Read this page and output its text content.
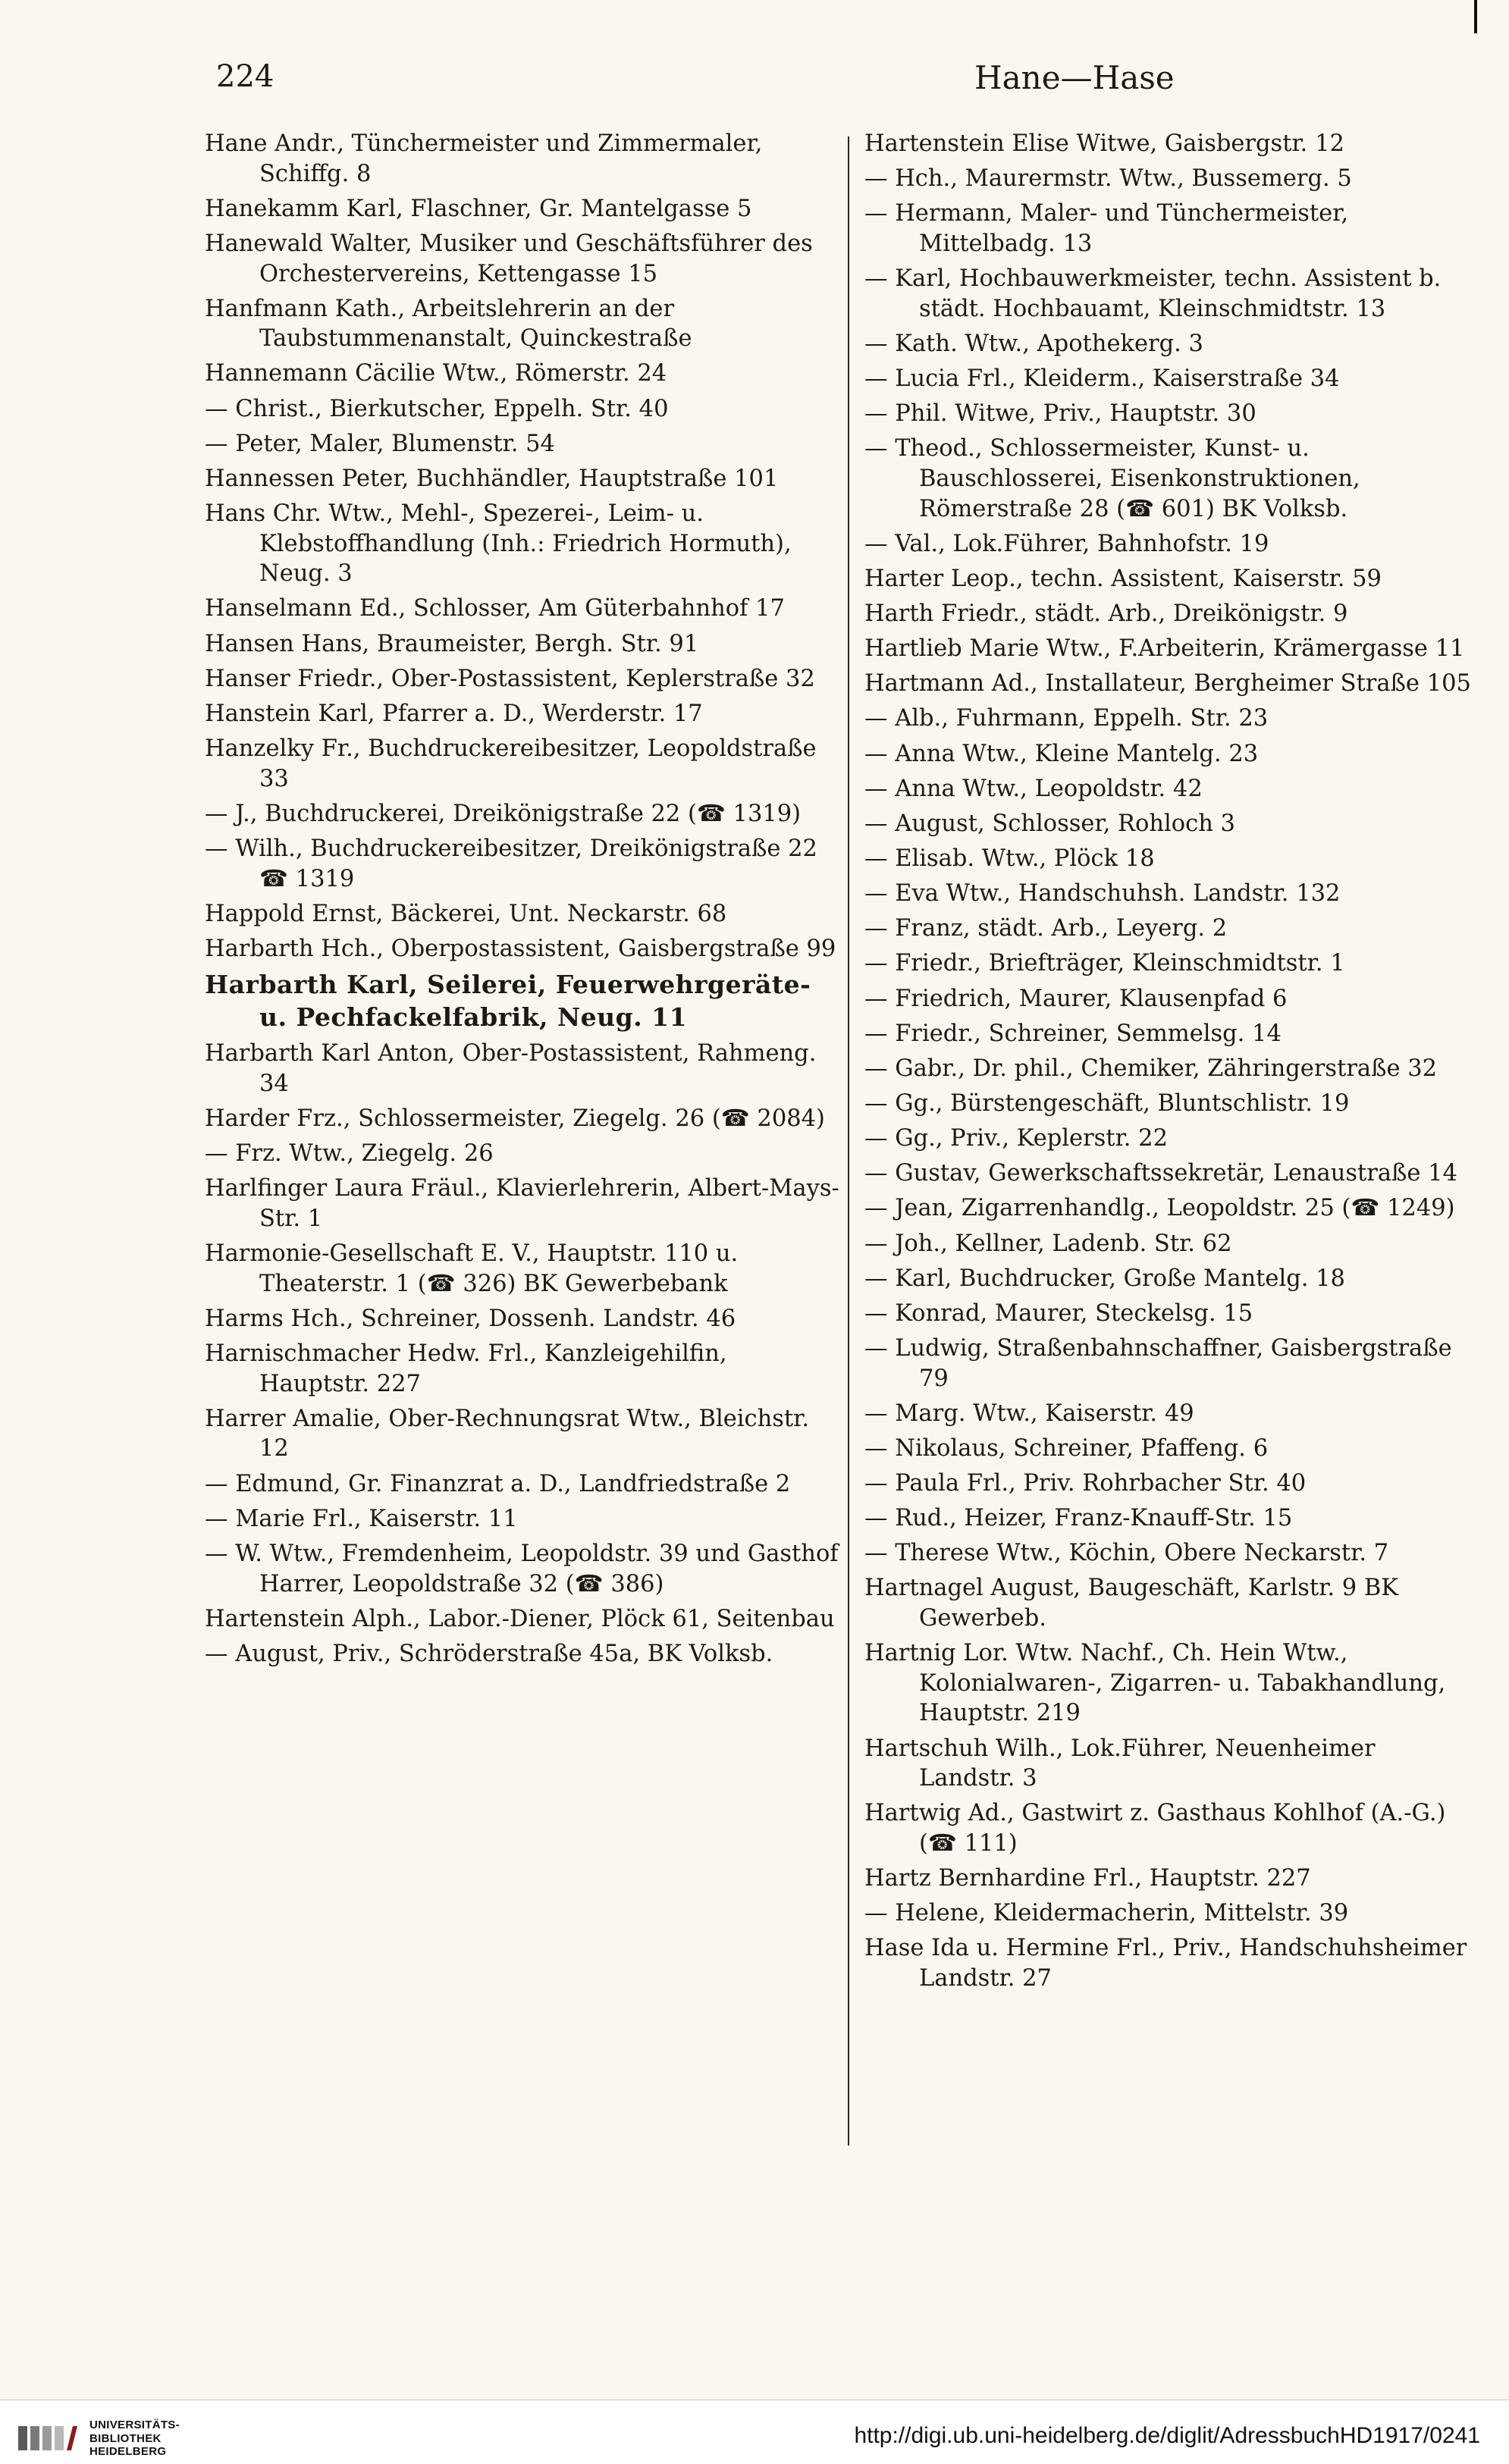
224	Hane—Hase

Hane Andr., Tünchermeister und Zimmermaler, Schiffg. 8

Hanekamm Karl, Flaschner, Gr. Mantelgasse 5

Hanewald Walter, Musiker und Geschäftsführer des Orchestervereins, Kettengasse 15

Hanfmann Kath., Arbeitslehrerin an der Taubstummenanstalt, Quinckestraße

Hannemann Cäcilie Wtw., Römerstr. 24

— Christ., Bierkutscher, Eppelh. Str. 40

— Peter, Maler, Blumenstr. 54

Hannessen Peter, Buchhändler, Hauptstraße 101

Hans Chr. Wtw., Mehl-, Spezerei-, Leim- u. Klebstoffhandlung (Inh.: Friedrich Hormuth), Neug. 3

Hanselmann Ed., Schlosser, Am Güterbahnhof 17

Hansen Hans, Braumeister, Bergh. Str. 91

Hanser Friedr., Ober-Postassistent, Keplerstraße 32

Hanstein Karl, Pfarrer a. D., Werderstr. 17

Hanzelky Fr., Buchdruckereibesitzer, Leopoldstraße 33

— J., Buchdruckerei, Dreikönigstraße 22 (☎ 1319)

— Wilh., Buchdruckereibesitzer, Dreikönigstraße 22 ☎ 1319

Happold Ernst, Bäckerei, Unt. Neckarstr. 68

Harbarth Hch., Oberpostassistent, Gaisbergstraße 99

Harbarth Karl, Seilerei, Feuerwehrgeräte- u. Pechfackelfabrik, Neug. 11

Harbarth Karl Anton, Ober-Postassistent, Rahmeng. 34

Harder Frz., Schlossermeister, Ziegelg. 26 (☎ 2084)

— Frz. Wtw., Ziegelg. 26

Harlfinger Laura Fräul., Klavierlehrerin, Albert-Mays-Str. 1

Harmonie-Gesellschaft E. V., Hauptstr. 110 u. Theaterstr. 1 (☎ 326) BK Gewerbebank

Harms Hch., Schreiner, Dossenh. Landstr. 46

Harnischmacher Hedw. Frl., Kanzleigehilfin, Hauptstr. 227

Harrer Amalie, Ober-Rechnungsrat Wtw., Bleichstr. 12

— Edmund, Gr. Finanzrat a. D., Landfriedstraße 2

— Marie Frl., Kaiserstr. 11

— W. Wtw., Fremdenheim, Leopoldstr. 39 und Gasthof Harrer, Leopoldstraße 32 (☎ 386)

Hartenstein Alph., Labor.-Diener, Plöck 61, Seitenbau

— August, Priv., Schröderstraße 45a, BK Volksb.

Hartenstein Elise Witwe, Gaisbergstr. 12

— Hch., Maurermstr. Wtw., Bussemerg. 5

— Hermann, Maler- und Tünchermeister, Mittelbadg. 13

— Karl, Hochbauwerkmeister, techn. Assistent b. städt. Hochbauamt, Kleinschmidtstr. 13

— Kath. Wtw., Apothekerg. 3

— Lucia Frl., Kleiderm., Kaiserstraße 34

— Phil. Witwe, Priv., Hauptstr. 30

— Theod., Schlossermeister, Kunst- u. Bauschlosserei, Eisenkonstruktionen, Römerstraße 28 (☎ 601) BK Volksb.

— Val., Lok.Führer, Bahnhofstr. 19

Harter Leop., techn. Assistent, Kaiserstr. 59

Harth Friedr., städt. Arb., Dreikönigstr. 9

Hartlieb Marie Wtw., F.Arbeiterin, Krämergasse 11

Hartmann Ad., Installateur, Bergheimer Straße 105

— Alb., Fuhrmann, Eppelh. Str. 23

— Anna Wtw., Kleine Mantelg. 23

— Anna Wtw., Leopoldstr. 42

— August, Schlosser, Rohloch 3

— Elisab. Wtw., Plöck 18

— Eva Wtw., Handschuhsh. Landstr. 132

— Franz, städt. Arb., Leyerg. 2

— Friedr., Briefträger, Kleinschmidtstr. 1

— Friedrich, Maurer, Klausenpfad 6

— Friedr., Schreiner, Semmelsg. 14

— Gabr., Dr. phil., Chemiker, Zähringerstraße 32

— Gg., Bürstengeschäft, Bluntschlistr. 19

— Gg., Priv., Keplerstr. 22

— Gustav, Gewerkschaftssekretär, Lenaustraße 14

— Jean, Zigarrenhandlg., Leopoldstr. 25 (☎ 1249)

— Joh., Kellner, Ladenb. Str. 62

— Karl, Buchdrucker, Große Mantelg. 18

— Konrad, Maurer, Steckelsg. 15

— Ludwig, Straßenbahnschaffner, Gaisbergstraße 79

— Marg. Wtw., Kaiserstr. 49

— Nikolaus, Schreiner, Pfaffeng. 6

— Paula Frl., Priv. Rohrbacher Str. 40

— Rud., Heizer, Franz-Knauff-Str. 15

— Therese Wtw., Köchin, Obere Neckarstr. 7

Hartnagel August, Baugeschäft, Karlstr. 9 BK Gewerbeb.

Hartnig Lor. Wtw. Nachf., Ch. Hein Wtw., Kolonialwaren-, Zigarren- u. Tabakhandlung, Hauptstr. 219

Hartschuh Wilh., Lok.Führer, Neuenheimer Landstr. 3

Hartwig Ad., Gastwirt z. Gasthaus Kohlhof (A.-G.) (☎ 111)

Hartz Bernhardine Frl., Hauptstr. 227

— Helene, Kleidermacherin, Mittelstr. 39

Hase Ida u. Hermine Frl., Priv., Handschuhsheimer Landstr. 27

UNIVERSITÄTS-
BIBLIOTHEK
HEIDELBERG
http://digi.ub.uni-heidelberg.de/diglit/AdressbuchHD1917/0241
